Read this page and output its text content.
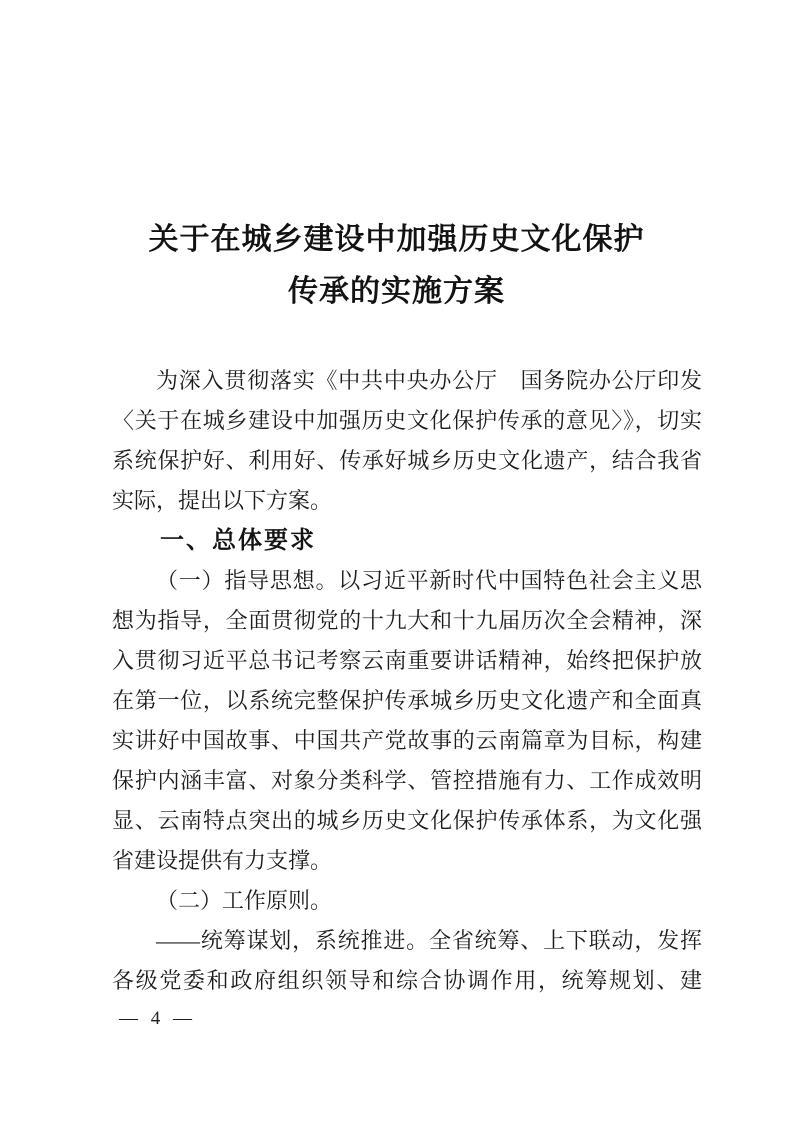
关于在城乡建设中加强历史文化保护
传承的实施方案

为深入贯彻落实《中共中央办公厅　国务院办公厅印发〈关于在城乡建设中加强历史文化保护传承的意见〉》，切实系统保护好、利用好、传承好城乡历史文化遗产，结合我省实际，提出以下方案。

一、总体要求

（一）指导思想。以习近平新时代中国特色社会主义思想为指导，全面贯彻党的十九大和十九届历次全会精神，深入贯彻习近平总书记考察云南重要讲话精神，始终把保护放在第一位，以系统完整保护传承城乡历史文化遗产和全面真实讲好中国故事、中国共产党故事的云南篇章为目标，构建保护内涵丰富、对象分类科学、管控措施有力、工作成效明显、云南特点突出的城乡历史文化保护传承体系，为文化强省建设提供有力支撑。

（二）工作原则。

——统筹谋划，系统推进。全省统筹、上下联动，发挥各级党委和政府组织领导和综合协调作用，统筹规划、建

— 4 —
